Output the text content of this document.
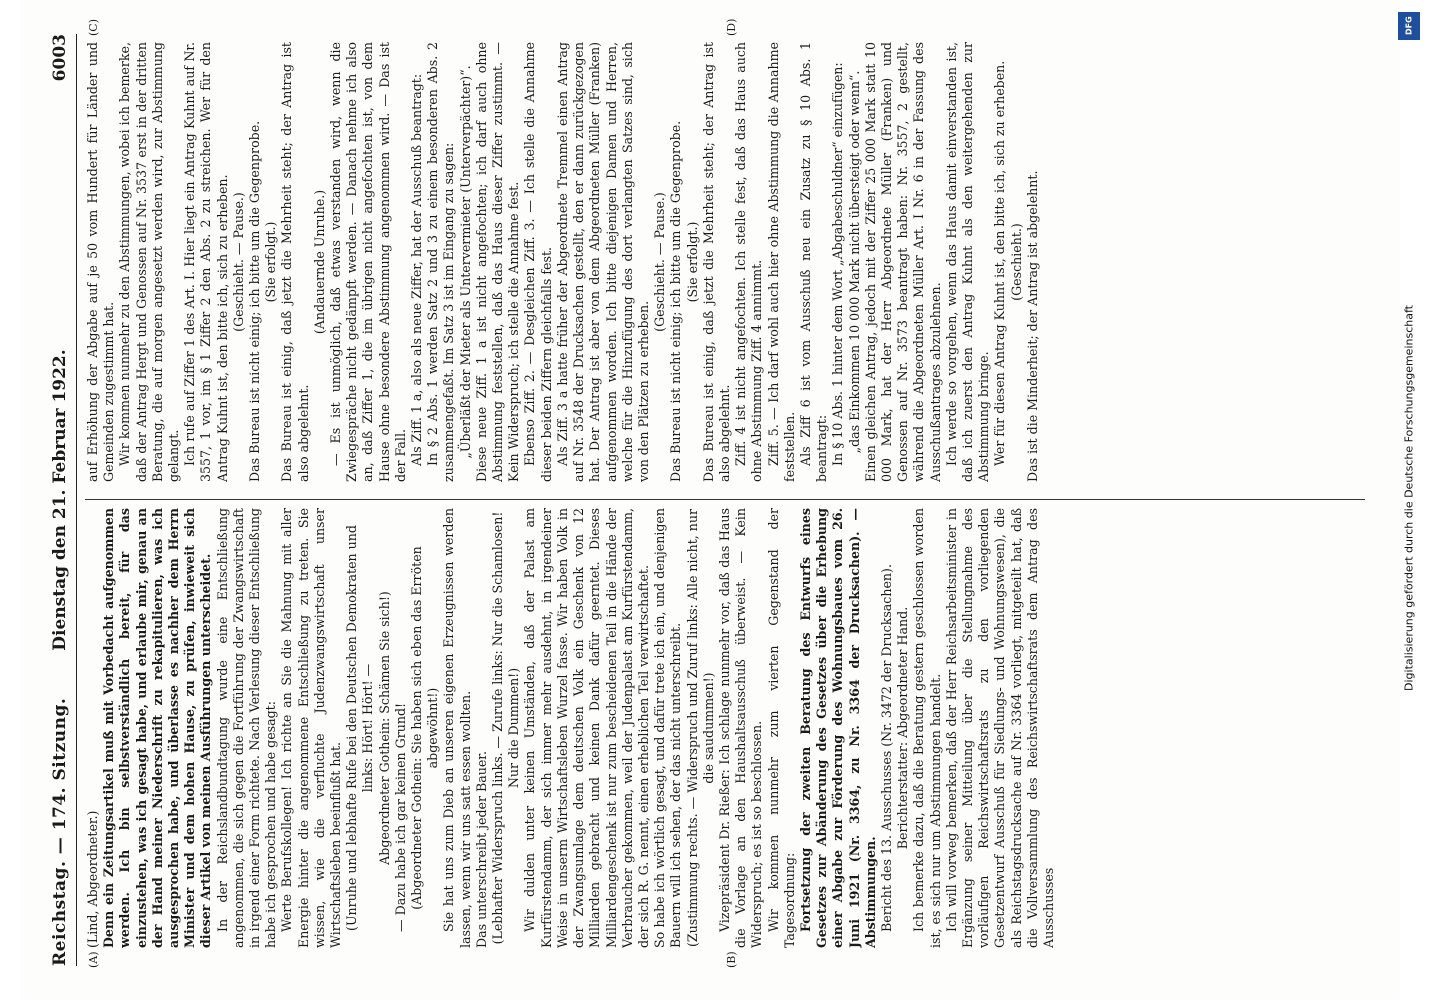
Reichstag. — 174. Sitzung.
Dienstag den 21. Februar 1922.
6003
(A)	(B)
(C)	(D)

(Lind, Abgeordneter.) Denn ein Zeitungsartikel muß mit Vorbedacht aufgenommen werden. Ich bin selbstverständlich bereit, für das einzustehen, was ich gesagt habe, und erlaube mir, genau an der Hand meiner Niederschrift zu rekapitulieren, was ich ausgesprochen habe, und überlasse es nachher dem Herrn Minister und dem hohen Hause, zu prüfen, inwieweit sich dieser Artikel von meinen Ausführungen unterscheidet. In der Reichslandbundtagung wurde eine Entschließung angenommen, die sich gegen die Fortführung der Zwangswirtschaft in irgend einer Form richtete. Nach Verlesung dieser Entschließung habe ich gesprochen und habe gesagt: Werte Berufskollegen! Ich richte an Sie die Mahnung mit aller Energie hinter die angenommene Entschließung zu treten. Sie wissen, wie die verfluchte Judenzwangswirtschaft unser Wirtschaftsleben beeinflußt hat. (Unruhe und lebhafte Rufe bei den Deutschen Demokraten und links: Hört! Hört! — Abgeordneter Gothein: Schämen Sie sich!) — Dazu habe ich gar keinen Grund! (Abgeordneter Gothein: Sie haben sich eben das Erröten abgewöhnt!) Sie hat uns zum Dieb an unseren eigenen Erzeugnissen werden lassen, wenn wir uns satt essen wollten. Das unterschreibt jeder Bauer. (Lebhafter Widerspruch links. — Zurufe links: Nur die Schamlosen! Nur die Dummen!) Wir dulden unter keinen Umständen, daß der Palast am Kurfürstendamm, der sich immer mehr ausdehnt, in irgendeiner Weise in unserm Wirtschaftsleben Wurzel fasse. Wir haben Volk in der Zwangsumlage dem deutschen Volk ein Geschenk von 12 Milliarden gebracht und keinen Dank dafür geerntet. Dieses Milliardengeschenk ist nur zum bescheidenen Teil in die Hände der Verbraucher gekommen, weil der Judenpalast am Kurfürstendamm, der sich R. G. nennt, einen erheblichen Teil verwirtschaftet. So habe ich wörtlich gesagt, und dafür trete ich ein, und denjenigen Bauern will ich sehen, der das nicht unterschreibt. (Zustimmung rechts. — Widerspruch und Zuruf links: Alle nicht, nur die saudummen!) Vizepräsident Dr. Rießer: Ich schlage nunmehr vor, daß das Haus die Vorlage an den Haushaltsausschuß überweist. — Kein Widerspruch; es ist so beschlossen. Wir kommen nunmehr zum vierten Gegenstand der Tagesordnung: Fortsetzung der zweiten Beratung des Entwurfs eines Gesetzes zur Abänderung des Gesetzes über die Erhebung einer Abgabe zur Förderung des Wohnungsbaues vom 26. Juni 1921 (Nr. 3364, zu Nr. 3364 der Drucksachen). — Abstimmungen. Bericht des 13. Ausschusses (Nr. 3472 der Drucksachen). Berichterstatter: Abgeordneter Hand. Ich bemerke dazu, daß die Beratung gestern geschlossen worden ist, es sich nur um Abstimmungen handelt. Ich will vorweg bemerken, daß der Herr Reichsarbeitsminister in Ergänzung seiner Mitteilung über die Stellungnahme des vorläufigen Reichswirtschaftsrats zu den vorliegenden Gesetzentwurf Ausschuß für Siedlungs- und Wohnungswesen), die als Reichstagsdrucksache auf Nr. 3364 vorliegt, mitgeteilt hat, daß die Vollversammlung des Reichswirtschaftsrats dem Antrag des Ausschusses

auf Erhöhung der Abgabe auf je 50 vom Hundert für Länder und Gemeinden zugestimmt hat. Wir kommen nunmehr zu den Abstimmungen, wobei ich bemerke, daß der Antrag Hergt und Genossen auf Nr. 3537 erst in der dritten Beratung, die auf morgen angesetzt werden wird, zur Abstimmung gelangt. Ich rufe auf Ziffer 1 des Art. I. Hier liegt ein Antrag Kuhnt auf Nr. 3557, 1 vor, im § 1 Ziffer 2 den Abs. 2 zu streichen. Wer für den Antrag Kuhnt ist, den bitte ich, sich zu erheben. (Geschieht. — Pause.) Das Bureau ist nicht einig; ich bitte um die Gegenprobe. (Sie erfolgt.) Das Bureau ist einig, daß jetzt die Mehrheit steht; der Antrag ist also abgelehnt.

(Andauernde Unruhe.) — Es ist unmöglich, daß etwas verstanden wird, wenn die Zwiegespräche nicht gedämpft werden. — Danach nehme ich also an, daß Ziffer 1, die im übrigen nicht angefochten ist, von dem Hause ohne besondere Abstimmung angenommen wird. — Das ist der Fall. Als Ziff. 1 a, also als neue Ziffer, hat der Ausschuß beantragt: In § 2 Abs. 1 werden Satz 2 und 3 zu einem besonderen Abs. 2 zusammengefaßt. Im Satz 3 ist im Eingang zu sagen: „Überläßt der Mieter als Untervermieter (Unterverpächter)“. Diese neue Ziff. 1 a ist nicht angefochten; ich darf auch ohne Abstimmung feststellen, daß das Haus dieser Ziffer zustimmt. — Kein Widerspruch; ich stelle die Annahme fest. Ebenso Ziff. 2. — Desgleichen Ziff. 3. — Ich stelle die Annahme dieser beiden Ziffern gleichfalls fest. Als Ziff. 3 a hatte früher der Abgeordnete Tremmel einen Antrag auf Nr. 3548 der Drucksachen gestellt, den er dann zurückgezogen hat. Der Antrag ist aber von dem Abgeordneten Müller (Franken) aufgenommen worden. Ich bitte diejenigen Damen und Herren, welche für die Hinzufügung des dort verlangten Satzes sind, sich von den Plätzen zu erheben.

(Geschieht. — Pause.) Das Bureau ist nicht einig; ich bitte um die Gegenprobe. (Sie erfolgt.) Das Bureau ist einig, daß jetzt die Mehrheit steht; der Antrag ist also abgelehnt. Ziff. 4 ist nicht angefochten. Ich stelle fest, daß das Haus auch ohne Abstimmung Ziff. 4 annimmt. Ziff. 5. — Ich darf wohl auch hier ohne Abstimmung die Annahme feststellen. Als Ziff 6 ist vom Ausschuß neu ein Zusatz zu § 10 Abs. 1 beantragt: In § 10 Abs. 1 hinter dem Wort „Abgabeschuldner“ einzufügen: „das Einkommen 10 000 Mark nicht übersteigt oder wenn“. Einen gleichen Antrag, jedoch mit der Ziffer 25 000 Mark statt 10 000 Mark, hat der Herr Abgeordnete Müller (Franken) und Genossen auf Nr. 3573 beantragt haben: Nr. 3557, 2 gestellt, während die Abgeordneten Müller Art. I Nr. 6 in der Fassung des Ausschußantrages abzulehnen. Ich werde so vorgehen, wenn das Haus damit einverstanden ist, daß ich zuerst den Antrag Kuhnt als den weitergehenden zur Abstimmung bringe. Wer für diesen Antrag Kuhnt ist, den bitte ich, sich zu erheben. (Geschieht.) Das ist die Minderheit; der Antrag ist abgelehnt.

DFG
Digitalisierung gefördert durch die Deutsche Forschungsgemeinschaft
